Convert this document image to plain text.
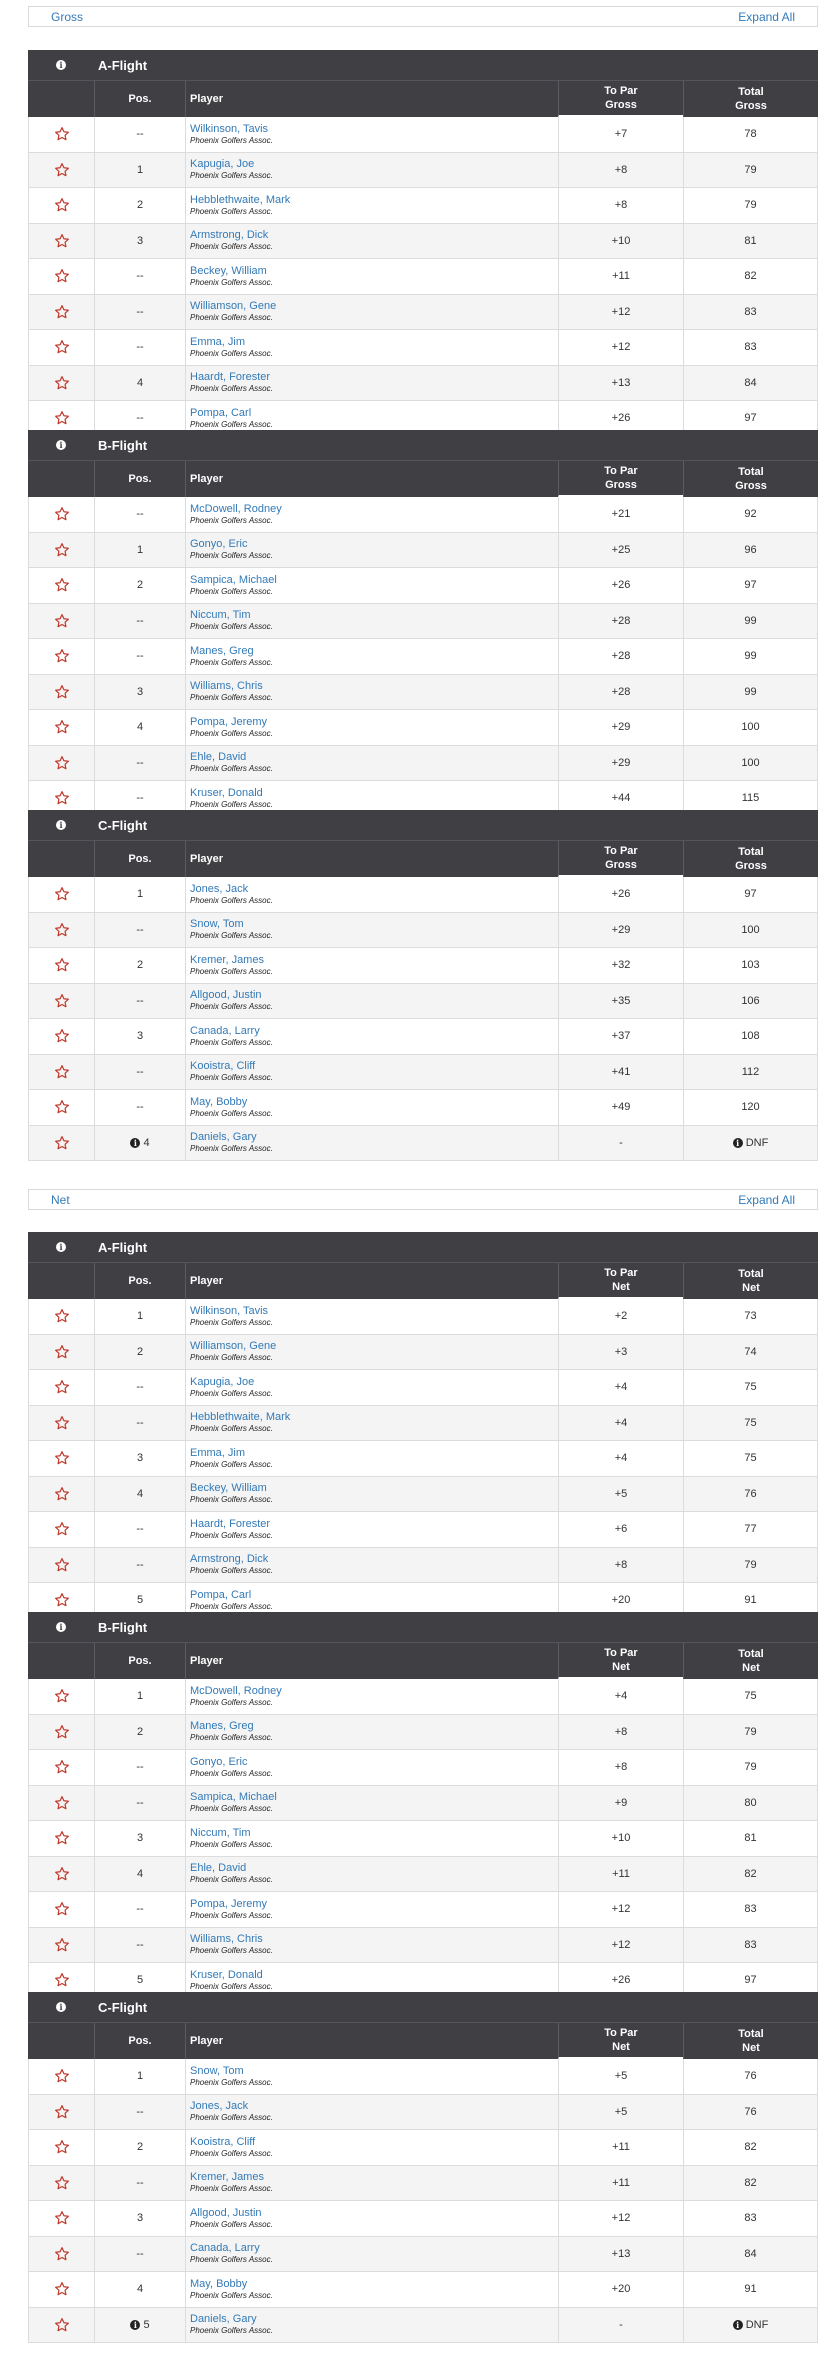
Gross	Expand All
i	A-Flight
Pos.	Player
To Par
Gross
Total
Gross
--	Wilkinson, Tavis
Phoenix Golfers Assoc.	+7	78
1	Kapugia, Joe
Phoenix Golfers Assoc.	+8	79
2	Hebblethwaite, Mark
Phoenix Golfers Assoc.	+8	79
3	Armstrong, Dick
Phoenix Golfers Assoc.	+10	81
--	Beckey, William
Phoenix Golfers Assoc.	+11	82
--	Williamson, Gene
Phoenix Golfers Assoc.	+12	83
--	Emma, Jim
Phoenix Golfers Assoc.	+12	83
4	Haardt, Forester
Phoenix Golfers Assoc.	+13	84
--	Pompa, Carl
Phoenix Golfers Assoc.	+26	97
i	B-Flight
Pos.	Player
To Par
Gross
Total
Gross
--	McDowell, Rodney
Phoenix Golfers Assoc.	+21	92
1	Gonyo, Eric
Phoenix Golfers Assoc.	+25	96
2	Sampica, Michael
Phoenix Golfers Assoc.	+26	97
--	Niccum, Tim
Phoenix Golfers Assoc.	+28	99
--	Manes, Greg
Phoenix Golfers Assoc.	+28	99
3	Williams, Chris
Phoenix Golfers Assoc.	+28	99
4	Pompa, Jeremy
Phoenix Golfers Assoc.	+29	100
--	Ehle, David
Phoenix Golfers Assoc.	+29	100
--	Kruser, Donald
Phoenix Golfers Assoc.	+44	115
i	C-Flight
Pos.	Player
To Par
Gross
Total
Gross
1	Jones, Jack
Phoenix Golfers Assoc.	+26	97
--	Snow, Tom
Phoenix Golfers Assoc.	+29	100
2	Kremer, James
Phoenix Golfers Assoc.	+32	103
--	Allgood, Justin
Phoenix Golfers Assoc.	+35	106
3	Canada, Larry
Phoenix Golfers Assoc.	+37	108
--	Kooistra, Cliff
Phoenix Golfers Assoc.	+41	112
--	May, Bobby
Phoenix Golfers Assoc.	+49	120
i 4	Daniels, Gary
Phoenix Golfers Assoc.	-	i DNF
Net	Expand All
i	A-Flight
Pos.	Player
To Par
Net
Total
Net
1	Wilkinson, Tavis
Phoenix Golfers Assoc.	+2	73
2	Williamson, Gene
Phoenix Golfers Assoc.	+3	74
--	Kapugia, Joe
Phoenix Golfers Assoc.	+4	75
--	Hebblethwaite, Mark
Phoenix Golfers Assoc.	+4	75
3	Emma, Jim
Phoenix Golfers Assoc.	+4	75
4	Beckey, William
Phoenix Golfers Assoc.	+5	76
--	Haardt, Forester
Phoenix Golfers Assoc.	+6	77
--	Armstrong, Dick
Phoenix Golfers Assoc.	+8	79
5	Pompa, Carl
Phoenix Golfers Assoc.	+20	91
i	B-Flight
Pos.	Player
To Par
Net
Total
Net
1	McDowell, Rodney
Phoenix Golfers Assoc.	+4	75
2	Manes, Greg
Phoenix Golfers Assoc.	+8	79
--	Gonyo, Eric
Phoenix Golfers Assoc.	+8	79
--	Sampica, Michael
Phoenix Golfers Assoc.	+9	80
3	Niccum, Tim
Phoenix Golfers Assoc.	+10	81
4	Ehle, David
Phoenix Golfers Assoc.	+11	82
--	Pompa, Jeremy
Phoenix Golfers Assoc.	+12	83
--	Williams, Chris
Phoenix Golfers Assoc.	+12	83
5	Kruser, Donald
Phoenix Golfers Assoc.	+26	97
i	C-Flight
Pos.	Player
To Par
Net
Total
Net
1	Snow, Tom
Phoenix Golfers Assoc.	+5	76
--	Jones, Jack
Phoenix Golfers Assoc.	+5	76
2	Kooistra, Cliff
Phoenix Golfers Assoc.	+11	82
--	Kremer, James
Phoenix Golfers Assoc.	+11	82
3	Allgood, Justin
Phoenix Golfers Assoc.	+12	83
--	Canada, Larry
Phoenix Golfers Assoc.	+13	84
4	May, Bobby
Phoenix Golfers Assoc.	+20	91
i 5	Daniels, Gary
Phoenix Golfers Assoc.	-	i DNF
